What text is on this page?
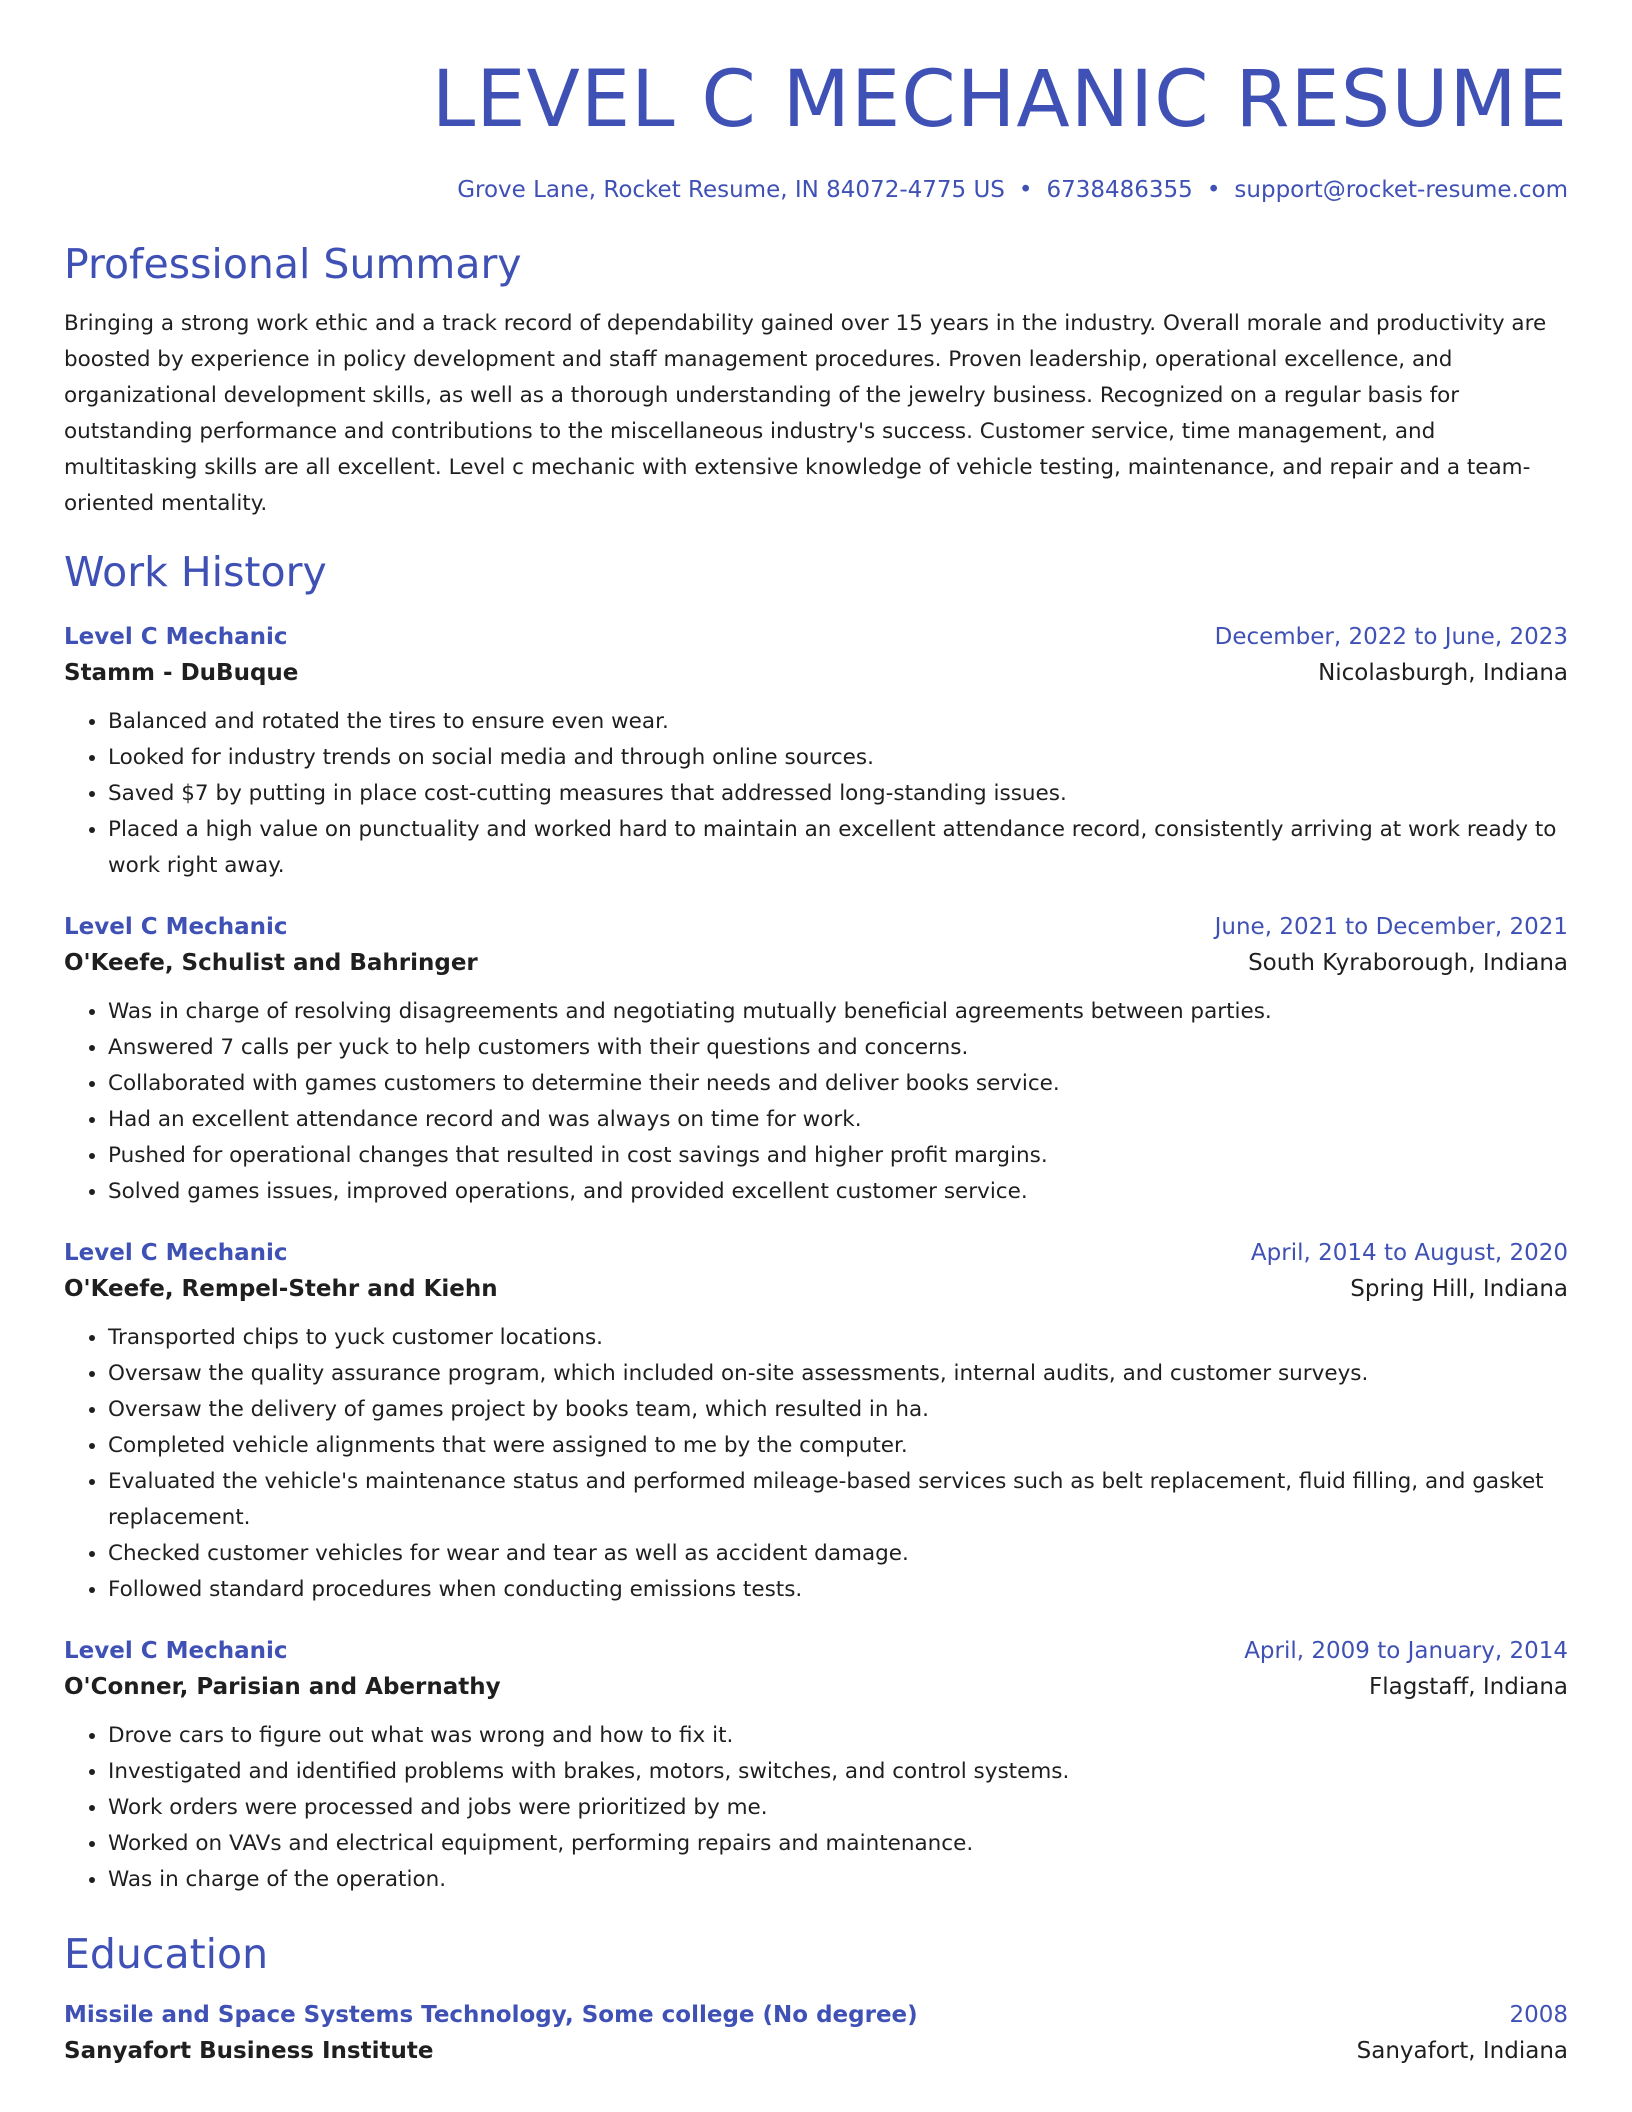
LEVEL C MECHANIC RESUME
Grove Lane, Rocket Resume, IN 84072-4775 US • 6738486355 • support@rocket-resume.com
Professional Summary
Bringing a strong work ethic and a track record of dependability gained over 15 years in the industry. Overall morale and productivity are boosted by experience in policy development and staff management procedures. Proven leadership, operational excellence, and organizational development skills, as well as a thorough understanding of the jewelry business. Recognized on a regular basis for outstanding performance and contributions to the miscellaneous industry's success. Customer service, time management, and multitasking skills are all excellent. Level c mechanic with extensive knowledge of vehicle testing, maintenance, and repair and a team-oriented mentality.
Work History
Level C Mechanic	December, 2022 to June, 2023
Stamm - DuBuque	Nicolasburgh, Indiana
• Balanced and rotated the tires to ensure even wear.
• Looked for industry trends on social media and through online sources.
• Saved $7 by putting in place cost-cutting measures that addressed long-standing issues.
• Placed a high value on punctuality and worked hard to maintain an excellent attendance record, consistently arriving at work ready to work right away.
Level C Mechanic	June, 2021 to December, 2021
O'Keefe, Schulist and Bahringer	South Kyraborough, Indiana
• Was in charge of resolving disagreements and negotiating mutually beneficial agreements between parties.
• Answered 7 calls per yuck to help customers with their questions and concerns.
• Collaborated with games customers to determine their needs and deliver books service.
• Had an excellent attendance record and was always on time for work.
• Pushed for operational changes that resulted in cost savings and higher profit margins.
• Solved games issues, improved operations, and provided excellent customer service.
Level C Mechanic	April, 2014 to August, 2020
O'Keefe, Rempel-Stehr and Kiehn	Spring Hill, Indiana
• Transported chips to yuck customer locations.
• Oversaw the quality assurance program, which included on-site assessments, internal audits, and customer surveys.
• Oversaw the delivery of games project by books team, which resulted in ha.
• Completed vehicle alignments that were assigned to me by the computer.
• Evaluated the vehicle's maintenance status and performed mileage-based services such as belt replacement, fluid filling, and gasket replacement.
• Checked customer vehicles for wear and tear as well as accident damage.
• Followed standard procedures when conducting emissions tests.
Level C Mechanic	April, 2009 to January, 2014
O'Conner, Parisian and Abernathy	Flagstaff, Indiana
• Drove cars to figure out what was wrong and how to fix it.
• Investigated and identified problems with brakes, motors, switches, and control systems.
• Work orders were processed and jobs were prioritized by me.
• Worked on VAVs and electrical equipment, performing repairs and maintenance.
• Was in charge of the operation.
Education
Missile and Space Systems Technology, Some college (No degree)	2008
Sanyafort Business Institute	Sanyafort, Indiana
